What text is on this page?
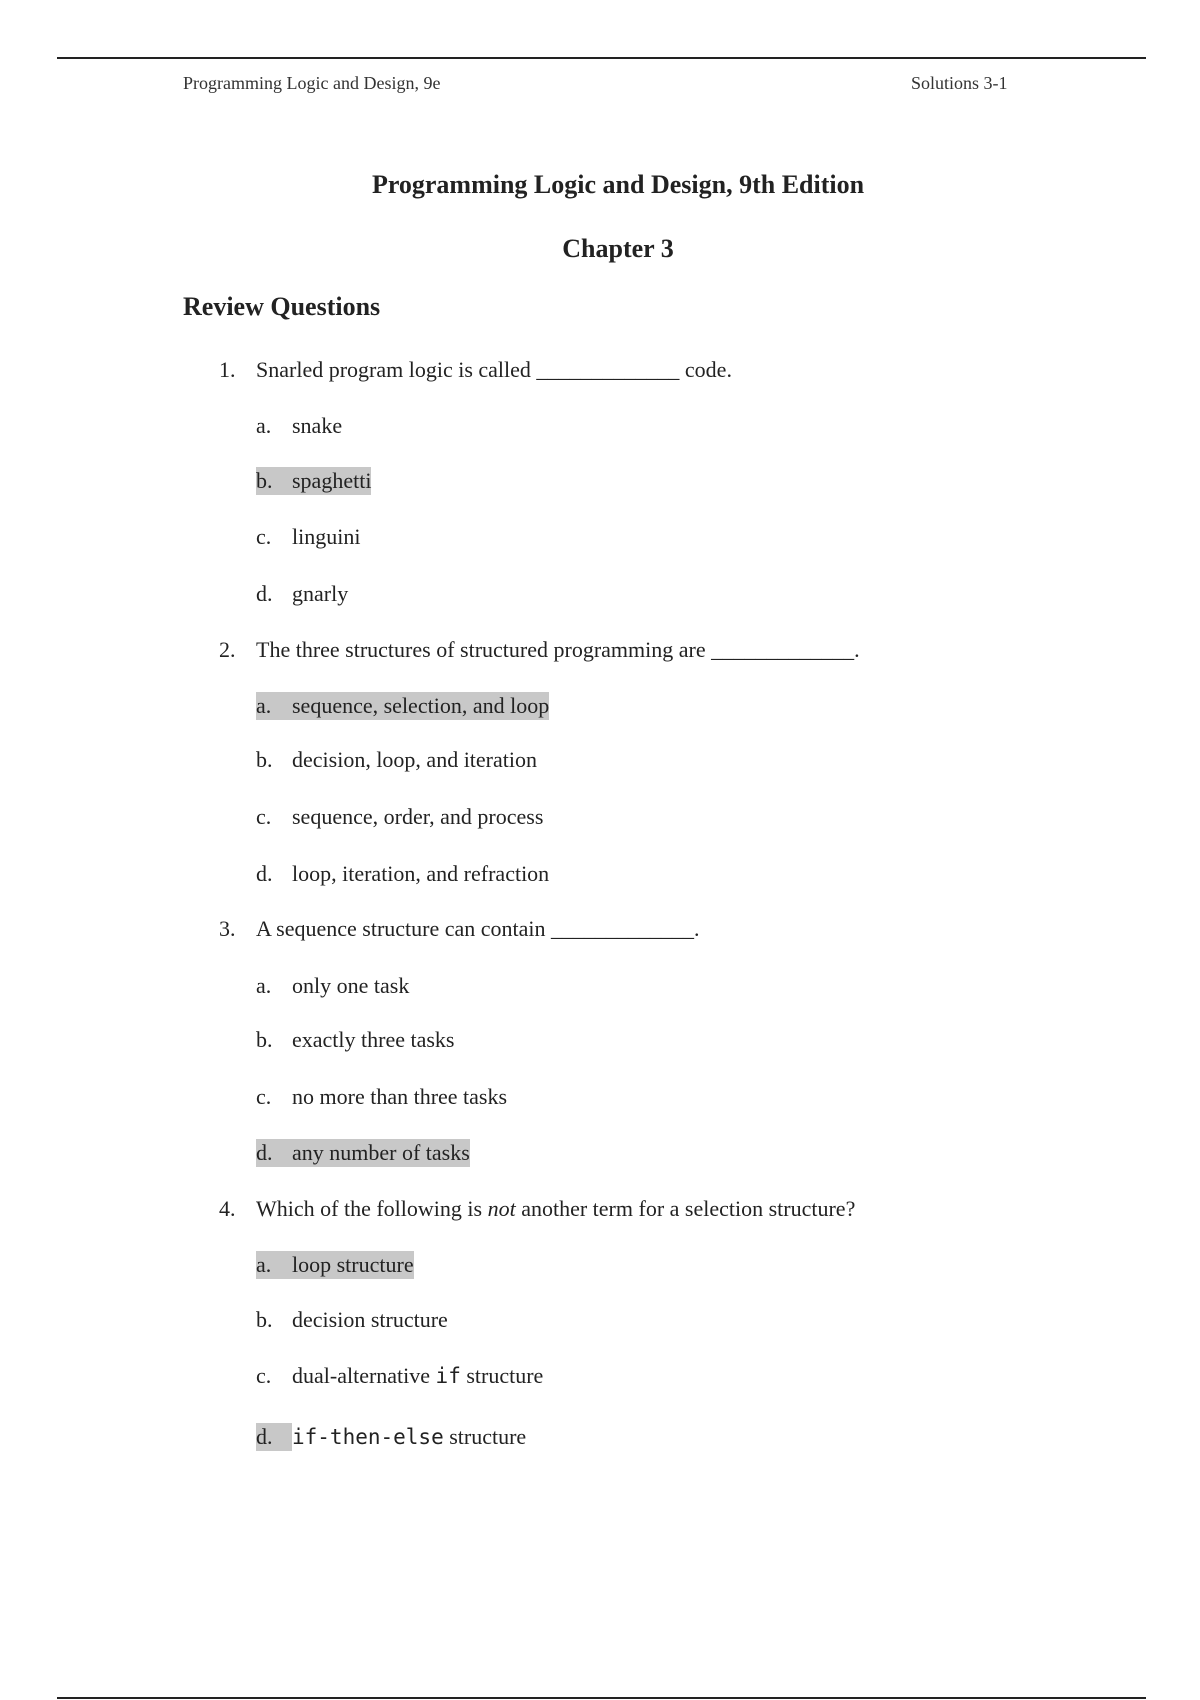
Programming Logic and Design, 9e	Solutions 3-1
Programming Logic and Design, 9th Edition
Chapter 3
Review Questions
1. Snarled program logic is called _____________ code.
a. snake
b. spaghetti
c. linguini
d. gnarly
2. The three structures of structured programming are _____________.
a. sequence, selection, and loop
b. decision, loop, and iteration
c. sequence, order, and process
d. loop, iteration, and refraction
3. A sequence structure can contain _____________.
a. only one task
b. exactly three tasks
c. no more than three tasks
d. any number of tasks
4. Which of the following is not another term for a selection structure?
a. loop structure
b. decision structure
c. dual-alternative if structure
d. if-then-else structure
